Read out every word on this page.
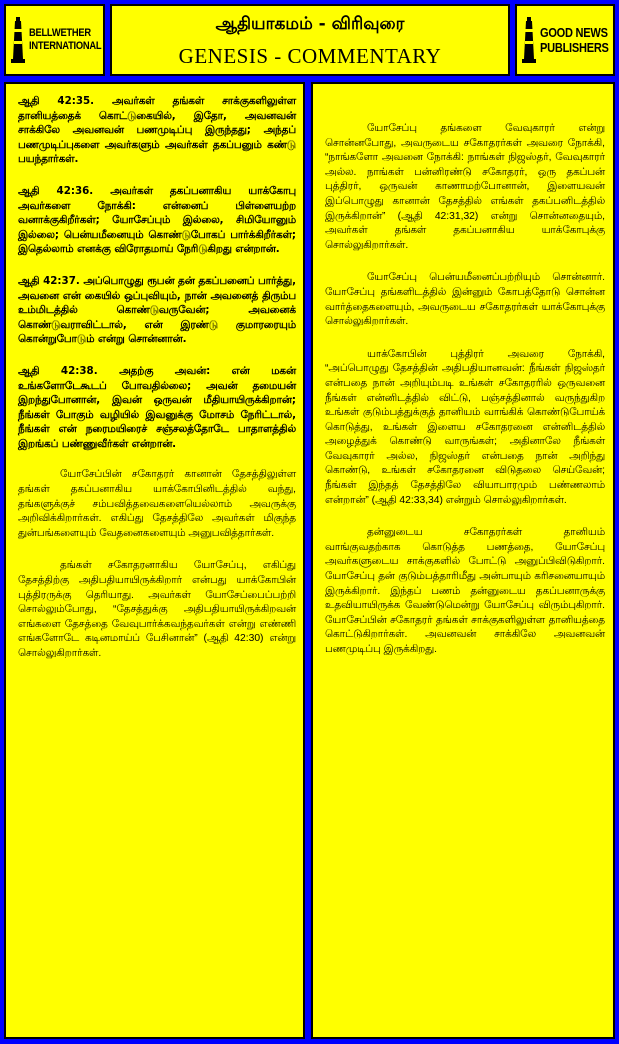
BELLWETHER
INTERNATIONAL
ஆதியாகமம் - விரிவுரை
GENESIS - COMMENTARY
GOOD NEWS
PUBLISHERS

ஆதி 42:35. அவர்கள் தங்கள் சாக்குகளிலுள்ள தானியத்தைக் கொட்டுகையில், இதோ, அவனவன் சாக்கிலே அவனவன் பணமுடிப்பு இருந்தது; அந்தப் பணமுடிப்புகளை அவர்களும் அவர்கள் தகப்பனும் கண்டு பயந்தார்கள்.

ஆதி 42:36. அவர்கள் தகப்பனாகிய யாக்கோபு அவர்களை நோக்கி: என்னைப் பிள்ளையற்ற வனாக்குகிறீர்கள்; யோசேப்பும் இல்லை, சிமியோனும் இல்லை; பென்யமீனையும் கொண்டுபோகப் பார்க்கிறீர்கள்; இதெல்லாம் எனக்கு விரோதமாய் நேரிடுகிறது என்றான்.

ஆதி 42:37. அப்பொழுது ரூபன் தன் தகப்பனைப் பார்த்து, அவனை என் கையில் ஒப்புவியும், நான் அவனைத் திரும்ப உம்மிடத்தில் கொண்டுவருவேன்; அவனைக் கொண்டுவராவிட்டால், என் இரண்டு குமாரரையும் கொன்றுபோடும் என்று சொன்னான்.

ஆதி 42:38. அதற்கு அவன்: என் மகன் உங்களோடேகூடப் போவதில்லை; அவன் தமையன் இறந்துபோனான், இவன் ஒருவன் மீதியாயிருக்கிறான்; நீங்கள் போகும் வழியில் இவனுக்கு மோசம் நேரிட்டால், நீங்கள் என் நரைமயிரைச் சஞ்சலத்தோடே பாதாளத்தில் இறங்கப் பண்ணுவீர்கள் என்றான்.

யோசேப்பின் சகோதரர் கானான் தேசத்திலுள்ள தங்கள் தகப்பனாகிய யாக்கோபினிடத்தில் வந்து, தங்களுக்குச் சம்பவித்தவைகளையெல்லாம் அவருக்கு அறிவிக்கிறார்கள். எகிப்து தேசத்திலே அவர்கள் மிகுந்த துன்பங்களையும் வேதனைகளையும் அனுபவித்தார்கள்.

தங்கள் சகோதரனாகிய யோசேப்பு, எகிப்து தேசத்திற்கு அதிபதியாயிருக்கிறார் என்பது யாக்கோபின் புத்திரருக்கு தெரியாது. அவர்கள் யோசேப்பைப்பற்றி சொல்லும்போது, “தேசத்துக்கு அதிபதியாயிருக்கிறவன் எங்களை தேசத்தை வேவுபார்க்கவந்தவர்கள் என்று எண்ணி எங்களோடே கடினமாய்ப் பேசினான்” (ஆதி 42:30) என்று சொல்லுகிறார்கள்.

யோசேப்பு தங்களை வேவுகாரர் என்று சொன்னபோது, அவருடைய சகோதரர்கள் அவரை நோக்கி, “நாங்களோ அவனை நோக்கி: நாங்கள் நிஜஸ்தர், வேவுகாரர் அல்ல. நாங்கள் பன்னிரண்டு சகோதரர், ஒரு தகப்பன் புத்திரர், ஒருவன் காணாமற்போனான், இளையவன் இப்பொழுது கானான் தேசத்தில் எங்கள் தகப்பனிடத்தில் இருக்கிறான்” (ஆதி 42:31,32) என்று சொன்னதையும், அவர்கள் தங்கள் தகப்பனாகிய யாக்கோபுக்கு சொல்லுகிறார்கள்.

யோசேப்பு பென்யமீனைப்பற்றியும் சொன்னார். யோசேப்பு தங்களிடத்தில் இன்னும் கோபத்தோடு சொன்ன வார்த்தைகளையும், அவருடைய சகோதரர்கள் யாக்கோபுக்கு சொல்லுகிறார்கள்.

யாக்கோபின் புத்திரர் அவரை நோக்கி, “அப்பொழுது தேசத்தின் அதிபதியானவன்: நீங்கள் நிஜஸ்தர் என்பதை நான் அறியும்படி உங்கள் சகோதரரில் ஒருவனை நீங்கள் என்னிடத்தில் விட்டு, பஞ்சத்தினால் வருந்துகிற உங்கள் குடும்பத்துக்குத் தானியம் வாங்கிக் கொண்டுபோய்க் கொடுத்து, உங்கள் இளைய சகோதரனை என்னிடத்தில் அழைத்துக் கொண்டு வாருங்கள்; அதினாலே நீங்கள் வேவுகாரர் அல்ல, நிஜஸ்தர் என்பதை நான் அறிந்து கொண்டு, உங்கள் சகோதரனை விடுதலை செய்வேன்; நீங்கள் இந்தத் தேசத்திலே வியாபாரமும் பண்ணலாம் என்றான்” (ஆதி 42:33,34) என்றும் சொல்லுகிறார்கள்.

தன்னுடைய சகோதரர்கள் தானியம் வாங்குவதற்காக கொடுத்த பணத்தை, யோசேப்பு அவர்களுடைய சாக்குகளில் போட்டு அனுப்பிவிடுகிறார். யோசேப்பு தன் குடும்பத்தாரிமீது அன்பாயும் கரிசனையாயும் இருக்கிறார். இந்தப் பணம் தன்னுடைய தகப்பனாருக்கு உதவியாயிருக்க வேண்டுமென்று யோசேப்பு விரும்புகிறார். யோசேப்பின் சகோதரர் தங்கள் சாக்குகளிலுள்ள தானியத்தை கொட்டுகிறார்கள். அவனவன் சாக்கிலே அவனவன் பணமுடிப்பு இருக்கிறது.
